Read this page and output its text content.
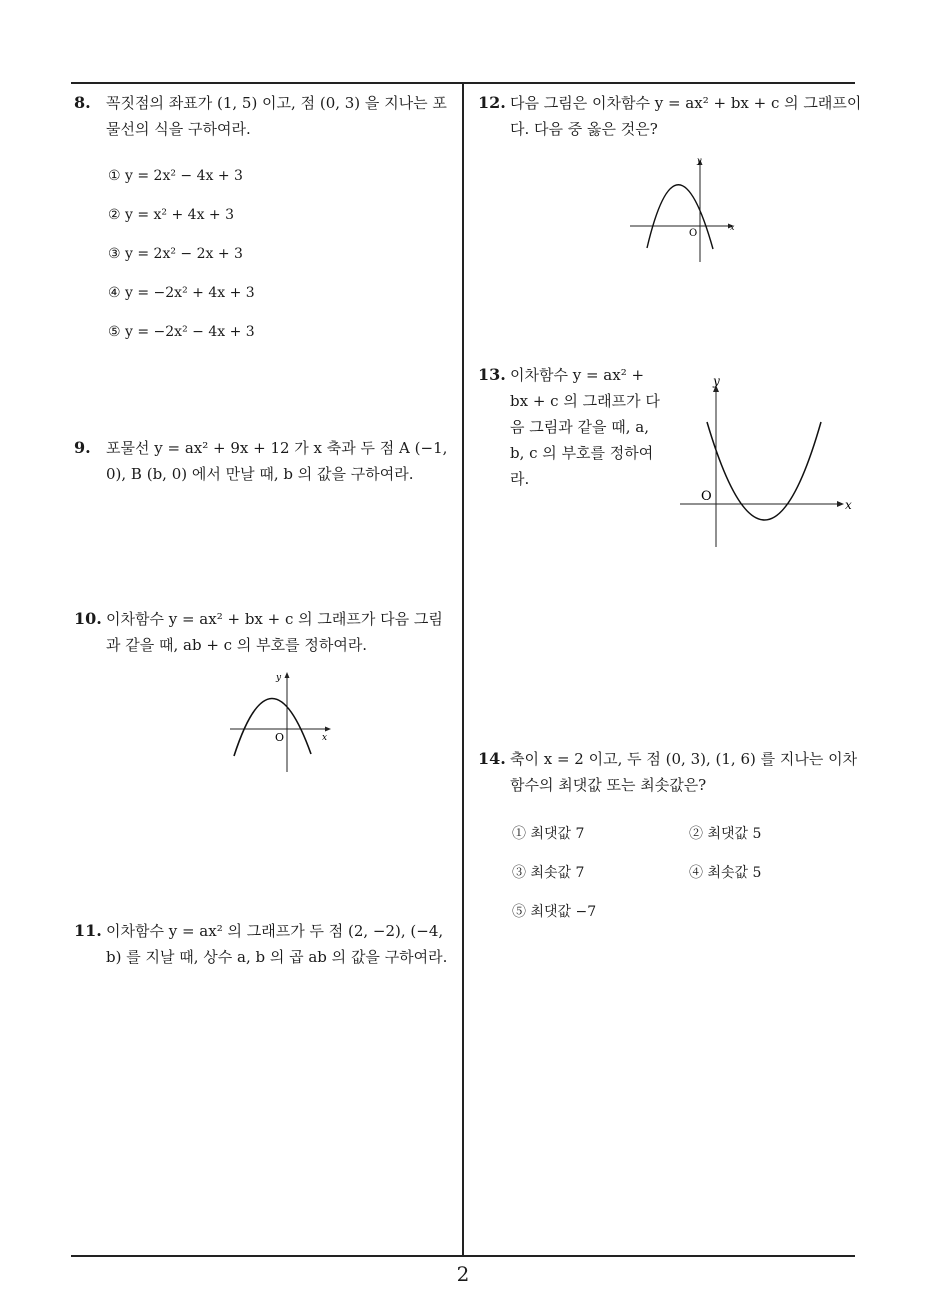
8. 꼭짓점의 좌표가 (1, 5) 이고, 점 (0, 3) 을 지나는 포물선의 식을 구하여라.
① y = 2x² − 4x + 3
② y = x² + 4x + 3
③ y = 2x² − 2x + 3
④ y = −2x² + 4x + 3
⑤ y = −2x² − 4x + 3
9. 포물선 y = ax² + 9x + 12 가 x 축과 두 점 A (−1, 0), B (b, 0) 에서 만날 때, b 의 값을 구하여라.
10. 이차함수 y = ax² + bx + c 의 그래프가 다음 그림과 같을 때, ab + c 의 부호를 정하여라.
x
y
O
11. 이차함수 y = ax² 의 그래프가 두 점 (2, −2), (−4, b) 를 지날 때, 상수 a, b 의 곱 ab 의 값을 구하여라.
12. 다음 그림은 이차함수 y = ax² + bx + c 의 그래프이다. 다음 중 옳은 것은?
x
y
O
13. 이차함수 y = ax² + bx + c 의 그래프가 다음 그림과 같을 때, a, b, c 의 부호를 정하여라.
x
y
O
14. 축이 x = 2 이고, 두 점 (0, 3), (1, 6) 를 지나는 이차함수의 최댓값 또는 최솟값은?
① 최댓값 7	② 최댓값 5
③ 최솟값 7	④ 최솟값 5
⑤ 최댓값 −7
2
